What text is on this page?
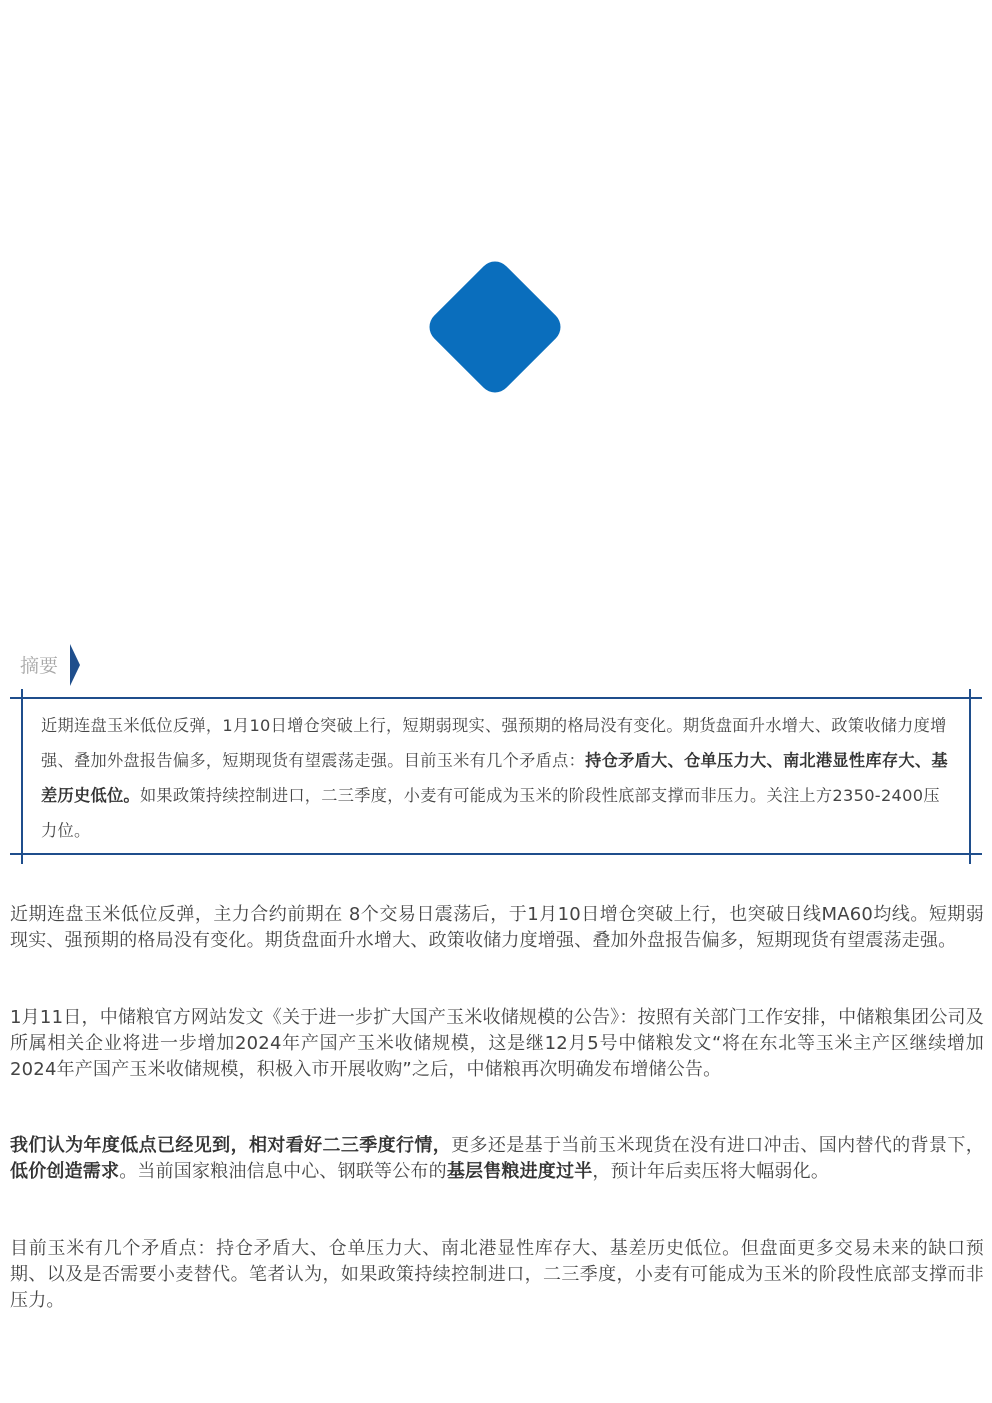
摘要
近期连盘玉米低位反弹，1月10日增仓突破上行，短期弱现实、强预期的格局没有变化。期货盘面升水增大、政策收储力度增强、叠加外盘报告偏多，短期现货有望震荡走强。目前玉米有几个矛盾点：持仓矛盾大、仓单压力大、南北港显性库存大、基差历史低位。如果政策持续控制进口，二三季度，小麦有可能成为玉米的阶段性底部支撑而非压力。关注上方2350-2400压力位。
近期连盘玉米低位反弹，主力合约前期在 8个交易日震荡后，于1月10日增仓突破上行，也突破日线MA60均线。短期弱现实、强预期的格局没有变化。期货盘面升水增大、政策收储力度增强、叠加外盘报告偏多，短期现货有望震荡走强。
1月11日，中储粮官方网站发文《关于进一步扩大国产玉米收储规模的公告》：按照有关部门工作安排，中储粮集团公司及所属相关企业将进一步增加2024年产国产玉米收储规模，这是继12月5号中储粮发文“将在东北等玉米主产区继续增加2024年产国产玉米收储规模，积极入市开展收购”之后，中储粮再次明确发布增储公告。
我们认为年度低点已经见到，相对看好二三季度行情，更多还是基于当前玉米现货在没有进口冲击、国内替代的背景下，低价创造需求。当前国家粮油信息中心、钢联等公布的基层售粮进度过半，预计年后卖压将大幅弱化。
目前玉米有几个矛盾点：持仓矛盾大、仓单压力大、南北港显性库存大、基差历史低位。但盘面更多交易未来的缺口预期、以及是否需要小麦替代。笔者认为，如果政策持续控制进口，二三季度，小麦有可能成为玉米的阶段性底部支撑而非压力。
